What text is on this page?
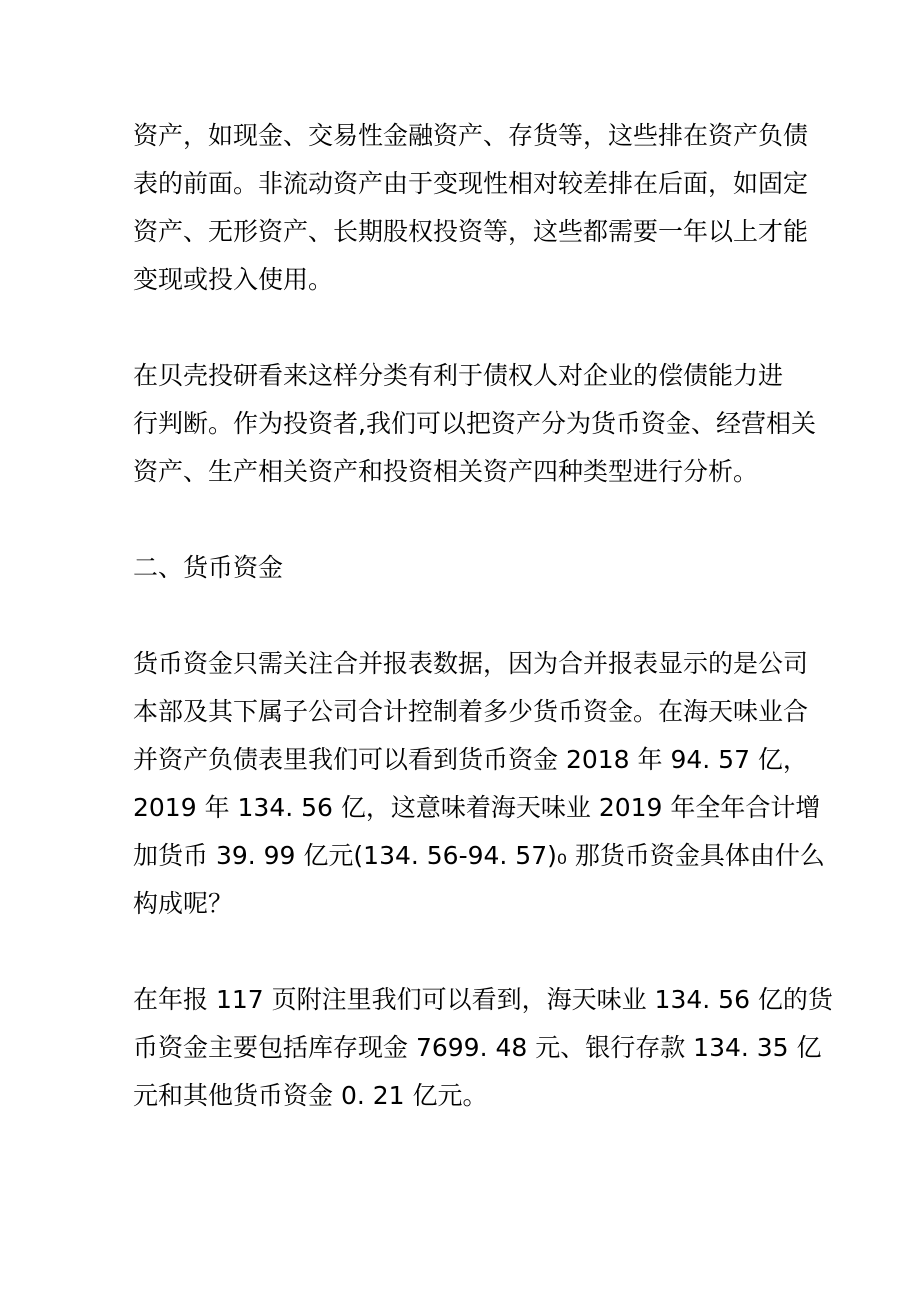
资产，如现金、交易性金融资产、存货等，这些排在资产负债
表的前面。非流动资产由于变现性相对较差排在后面，如固定
资产、无形资产、长期股权投资等，这些都需要一年以上才能
变现或投入使用。

在贝壳投研看来这样分类有利于债权人对企业的偿债能力进
行判断。作为投资者,我们可以把资产分为货币资金、经营相关
资产、生产相关资产和投资相关资产四种类型进行分析。

二、货币资金

货币资金只需关注合并报表数据，因为合并报表显示的是公司
本部及其下属子公司合计控制着多少货币资金。在海天味业合
并资产负债表里我们可以看到货币资金 2018 年 94. 57 亿，
2019 年 134. 56 亿，这意味着海天味业 2019 年全年合计增
加货币 39. 99 亿元(134. 56-94. 57)₀ 那货币资金具体由什么
构成呢？

在年报 117 页附注里我们可以看到，海天味业 134. 56 亿的货
币资金主要包括库存现金 7699. 48 元、银行存款 134. 35 亿
元和其他货币资金 0. 21 亿元。
